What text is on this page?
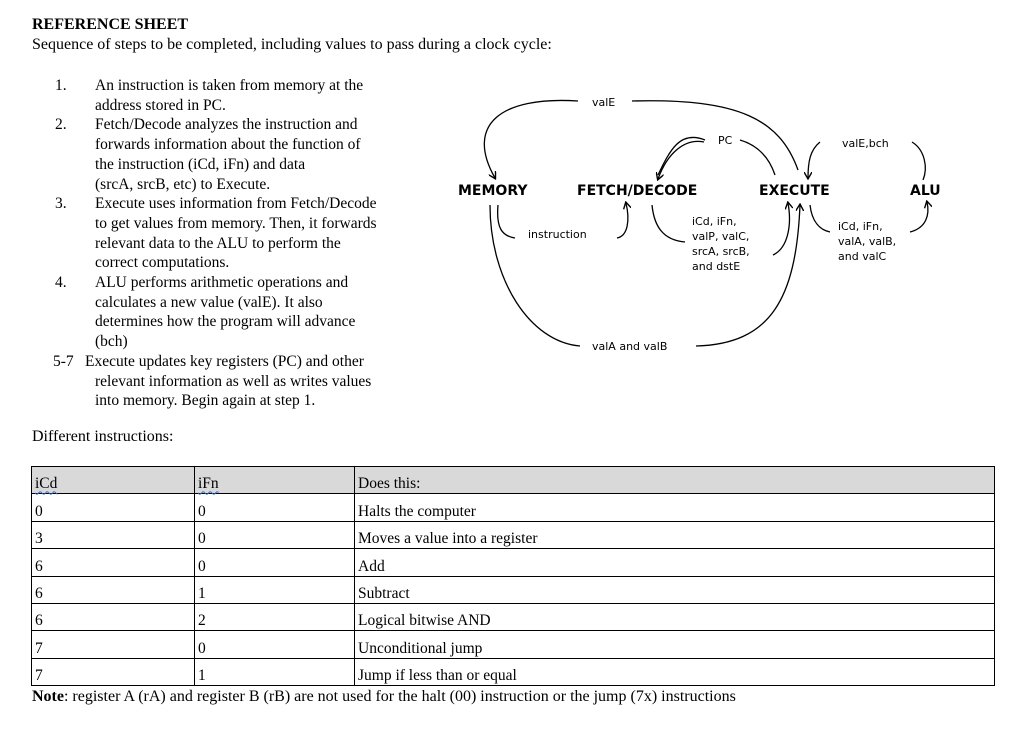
REFERENCE SHEET
Sequence of steps to be completed, including values to pass during a clock cycle:
1. An instruction is taken from memory at the
address stored in PC.
2. Fetch/Decode analyzes the instruction and
forwards information about the function of
the instruction (iCd, iFn) and data
(srcA, srcB, etc) to Execute.
3. Execute uses information from Fetch/Decode
to get values from memory. Then, it forwards
relevant data to the ALU to perform the
correct computations.
4. ALU performs arithmetic operations and
calculates a new value (valE). It also
determines how the program will advance
(bch)
5-7 Execute updates key registers (PC) and other
relevant information as well as writes values
into memory. Begin again at step 1.
MEMORY	FETCH/DECODE	EXECUTE	ALU
valE
PC	valE,bch
instruction
iCd, iFn,
valP, valC,
srcA, srcB,
and dstE
iCd, iFn,
valA, valB,
and valC
valA and valB
Different instructions:
iCd	iFn	Does this:
0	0	Halts the computer
3	0	Moves a value into a register
6	0	Add
6	1	Subtract
6	2	Logical bitwise AND
7	0	Unconditional jump
7	1	Jump if less than or equal
Note: register A (rA) and register B (rB) are not used for the halt (00) instruction or the jump (7x) instructions
